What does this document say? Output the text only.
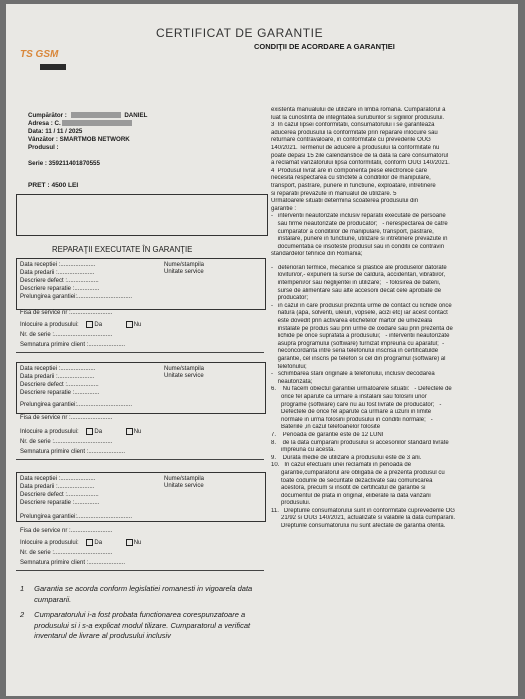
CERTIFICAT DE GARANTIE
CONDIŢII DE ACORDARE A GARANŢIEI
TS GSM
Cumpărător :	DANIEL
Adresa : C.
Data: 11 / 11 / 2025
Vânzător : SMARTMOB NETWORK
Produsul :
Serie : 359211401870555
PRET : 4500 LEI
REPARAŢII EXECUTATE ÎN GARANŢIE
Data receptiei :.....................
Data predarii :......................
Descriere defect :...................
Descriere reparatie :...............
Prelungirea garantiei:.................................
Nume/stampila
Unitate service
Fisa de service nr :.........................
Inlocuire a produsului:	Da	Nu
Nr. de serie :...................................
Semnatura primire client :......................
Data receptiei :.....................
Data predarii :......................
Descriere defect :...................
Descriere reparatie :...............
Prelungirea garantiei:.................................
Nume/stampila
Unitate service
Fisa de service nr :.........................
Inlocuire a produsului:	Da	Nu
Nr. de serie :...................................
Semnatura primire client :......................
Data receptiei :.....................
Data predarii :......................
Descriere defect :...................
Descriere reparatie :...............
Prelungirea garantiei:.................................
Nume/stampila
Unitate service
Fisa de service nr :.........................
Inlocuire a produsului:	Da	Nu
Nr. de serie :...................................
Semnatura primire client :......................
existenta manualului de utilizare in limba romana. Cumparatorul a
luat la cunostinta de integritatea suruburilor si sigiliilor produsului.
3  In cazul lipsei conformitatii, consumatorului i se garanteaza
aducerea produsului la conformitate prin reparare inlocuire sau
returnare contravaloare, in conformitate cu prevederile OUG
140/2021. Termenul de aducere a produsului la conformitate nu
poate depasi 15 zile calendaristice de la data la care consumatorul
a reclamat vanzatorului lipsa conformitatii, conform OUG 140/2021.
4  Produsul livrat are in componenta piese electronice care
necesita respectarea cu strictete a conditiilor de manipulare,
transport, pastrare, punere in functiune, exploatare, intretinere
si reparatii prevazute in manualul de utilizare. 5
Urmatoarele situatii determina scoaterea produsului din
garantie :
-   interventii neautorizate inclusiv reparatii executate de persoane
sau firme neautorizate de producator;   - nerespectarea de catre
cumparator a conditiilor de manipulare, transport, pastrare,
instalare, punere in functiune, utilizare si intretinere prevazute in
documentatia ce insoteste produsul sau in conditii ce contravin
standardelor tehnice din Romania;
-   deteriorari termice, mecanice si plastice ale produselor datorate
lovituri/or,- expunerii la surse de caldura, accidentari, vibratii/or,
intemperii/or sau neglijentei in utilizare;   - folosirea de baterii,
surse de alimentare sau alte accesorii decat cele aprobate de
producator;
-   in cazul in care produsul prezinta urme de contact cu lichide orice
natura (apa, solventi, uleiuri, vopsele, acizi etc) iar acest contact
este dovedit prin activarea etichetelor martor de umezeala
instalate pe produs sau prin urme de oxidare sau prin prezenta de
lichide pe orice suprafata a produsului;   - interventii neautorizate
asupra programului (software) furnizat impreuna cu aparatul;  -
neconcordanta intre seria telefonului inscrisa in certificatulde
garantie, cel inscris pe telefon si cel din programul (software) al
telefonului;
-   schimbarea starii originale a telefonului, inclusiv decodarea
neautorizata;
6.    Nu facem obiectul garantiei urmatoarele situatii:   - Defectele de
orice fel aparute ca urmare a instalarii sau folosirii unor
programe (software) care nu au fost livrate de producator;   -
Defectele de orice fel aparute ca urmare a uzurii in limite
normale in urma folosirii produsului in conditii normale;   -
Bateriile ,in cazul telefoanelor folosite
7.    Perioada de garantie este de 12 LUNI
8.    de la data cumpararii produsului si accesoriilor standard livrate
impreuna cu acesta.
9.    Durata medie de utilizare a produsului este de 3 ani.
10.   In cazul efectuarii unei reclamatii in perioada de
garantie,cumparatorul are obligatia de a prezenta produsul cu
toate codurile de securitate dezactivate sau comunicarea
acestora, precum si insotit de certificatul de garantie si
documentul de plata in original, eliberate la data vanzarii
produsului.
11.   Drepturile consumatorului sunt in conformitate cuprevederile OG
21/92 si OUG 140/2021, actualizate si valabile la data cumpararii.
Drepturile consumatorului nu sunt afectate de garantia oferita.
1 Garantia se acorda conform legislatiei romanesti in vigoarela data cumpararii.
2 Cumparatorului i-a fost probata functionarea corespunzatoare a produsului si i s-a explicat modul tilizare. Cumparatorul a verificat inventarul de livrare al produsului inclusiv
